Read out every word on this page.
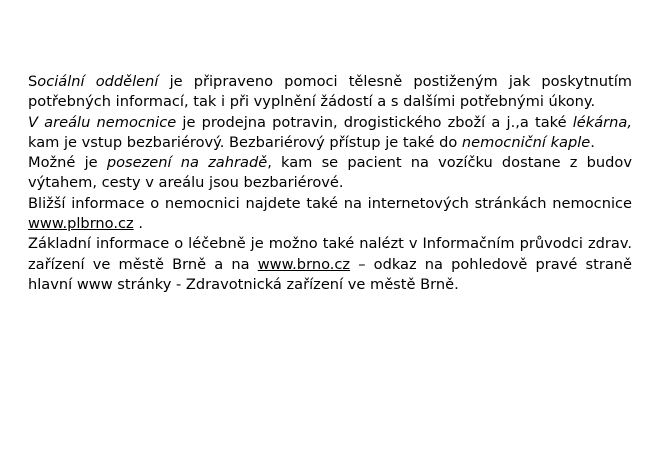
Sociální oddělení je připraveno pomoci tělesně postiženým jak poskytnutím potřebných informací, tak i při vyplnění žádostí a s dalšími potřebnými úkony.

V areálu nemocnice je prodejna potravin, drogistického zboží a j.,a také lékárna,  kam je vstup bezbariérový. Bezbariérový přístup je také do nemocniční kaple.

Možné je posezení na zahradě, kam se pacient na vozíčku dostane z budov výtahem, cesty v areálu jsou bezbariérové.

Bližší informace o nemocnici najdete také na internetových stránkách nemocnice www.plbrno.cz .

Základní informace o léčebně je možno také nalézt v Informačním průvodci zdrav. zařízení ve městě Brně a na www.brno.cz – odkaz na pohledově pravé straně hlavní www stránky - Zdravotnická zařízení ve městě Brně.
